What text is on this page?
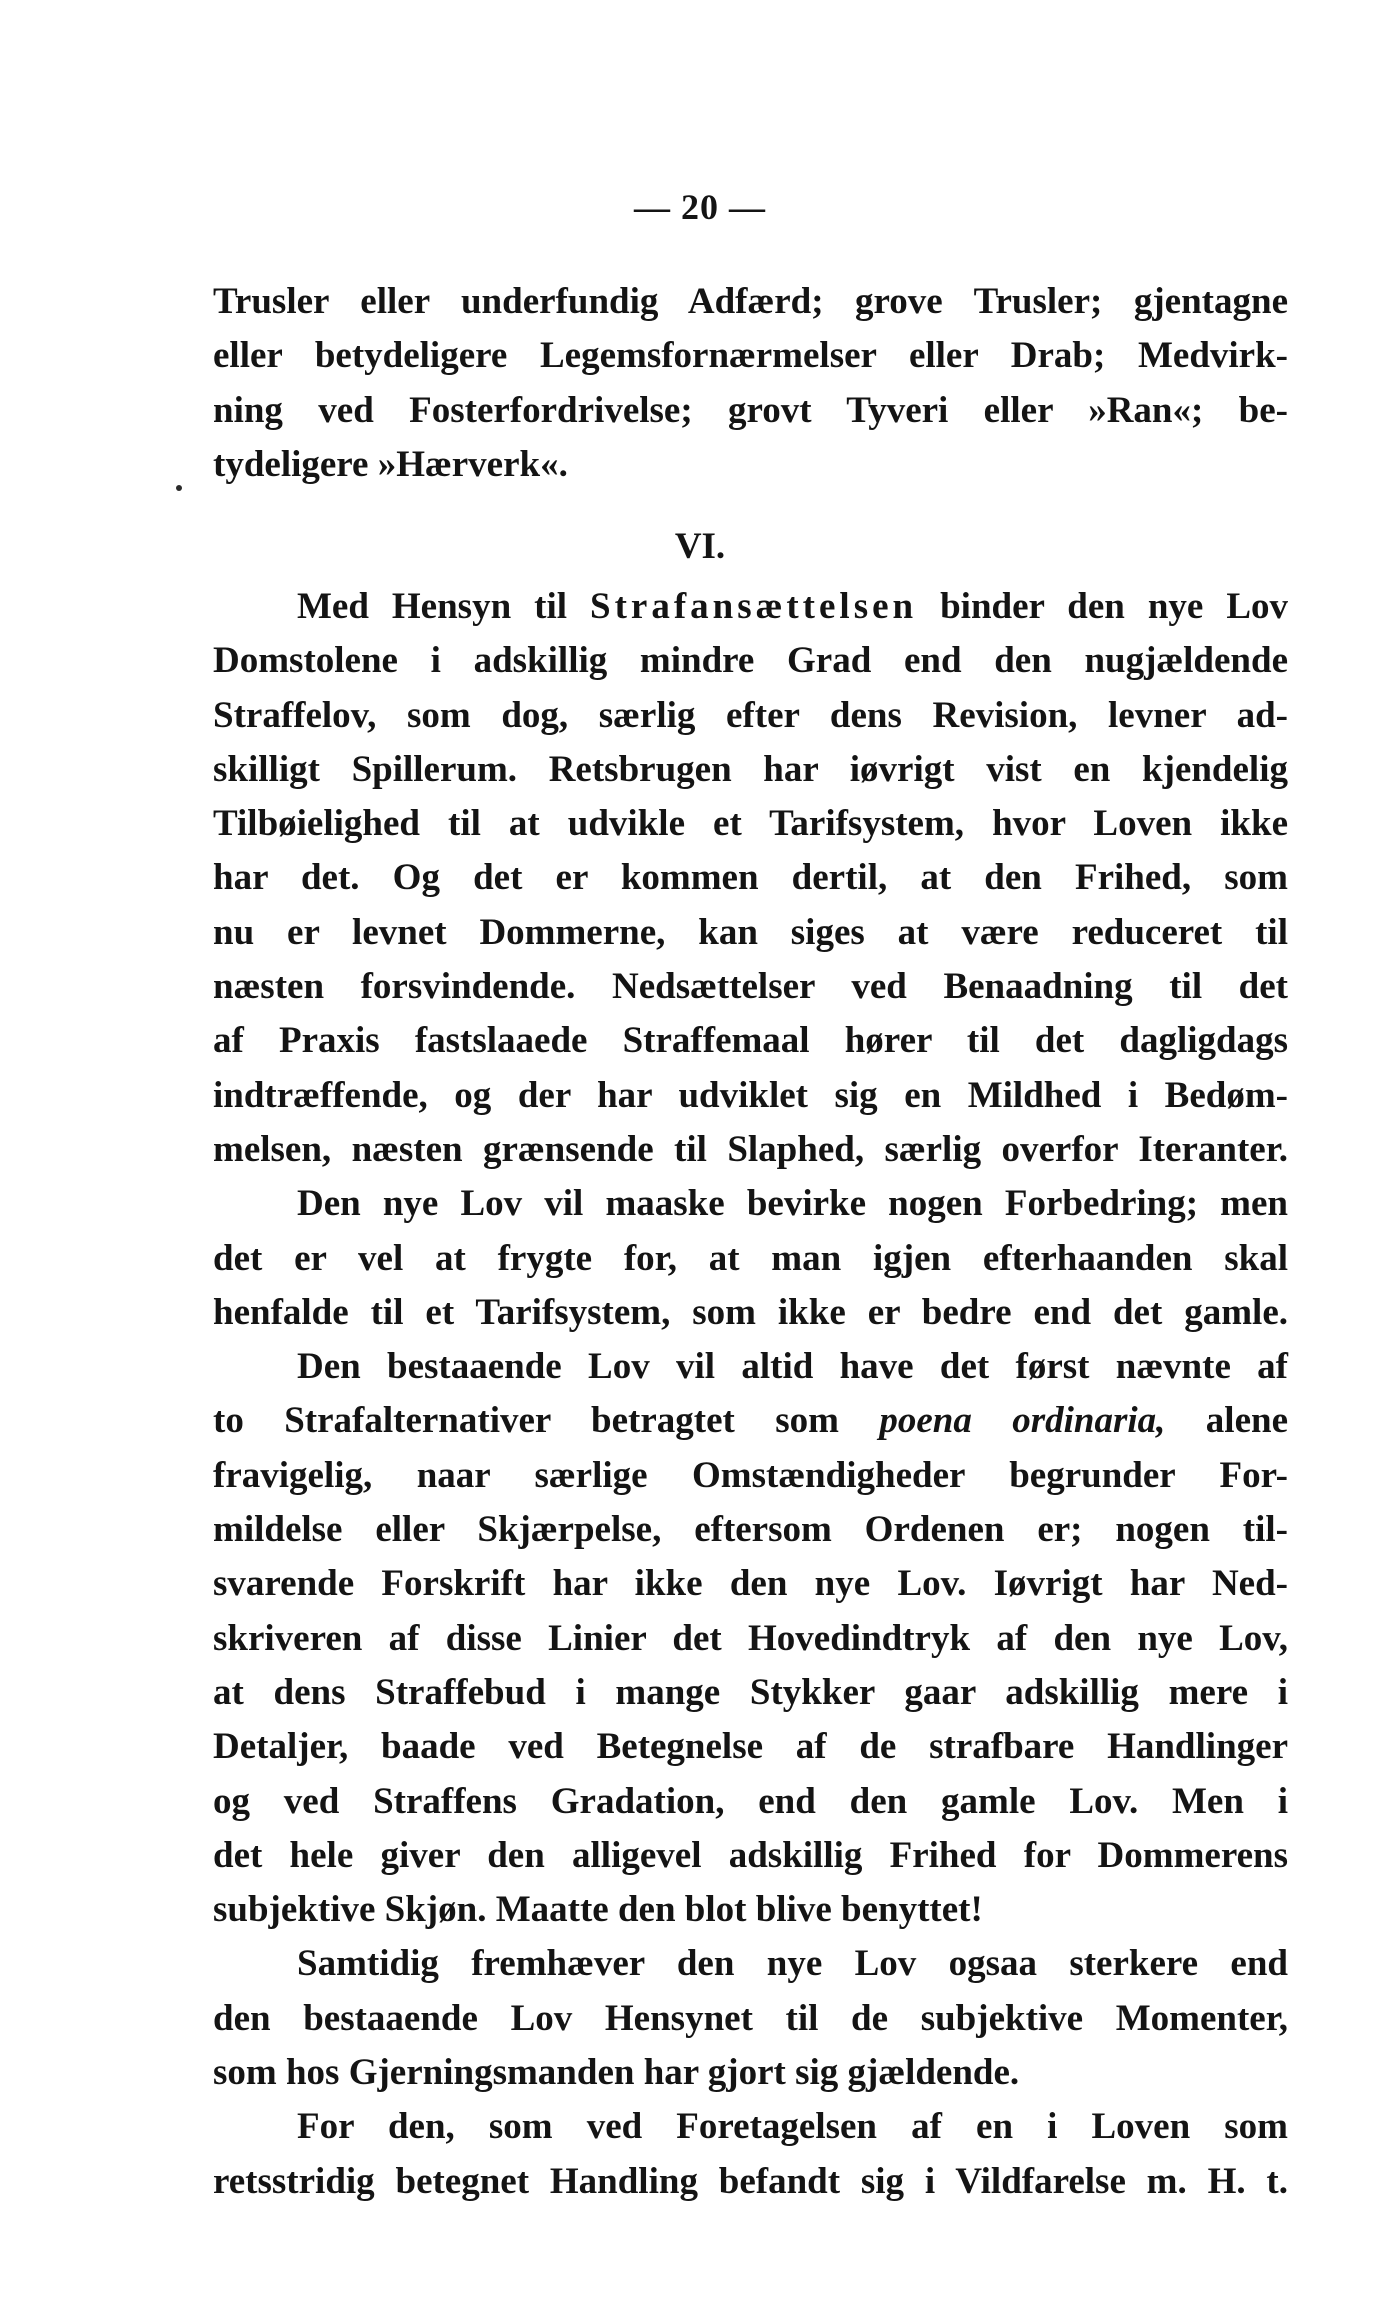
— 20 —
Trusler eller underfundig Adfærd; grove Trusler; gjentagne
eller betydeligere Legemsfornærmelser eller Drab; Medvirk-
ning ved Fosterfordrivelse; grovt Tyveri eller »Ran«; be-
tydeligere »Hærverk«.
VI.
Med Hensyn til Strafansættelsen binder den nye Lov
Domstolene i adskillig mindre Grad end den nugjældende
Straffelov, som dog, særlig efter dens Revision, levner ad-
skilligt Spillerum. Retsbrugen har iøvrigt vist en kjendelig
Tilbøielighed til at udvikle et Tarifsystem, hvor Loven ikke
har det. Og det er kommen dertil, at den Frihed, som
nu er levnet Dommerne, kan siges at være reduceret til
næsten forsvindende. Nedsættelser ved Benaadning til det
af Praxis fastslaaede Straffemaal hører til det dagligdags
indtræffende, og der har udviklet sig en Mildhed i Bedøm-
melsen, næsten grænsende til Slaphed, særlig overfor Iteranter.
Den nye Lov vil maaske bevirke nogen Forbedring; men
det er vel at frygte for, at man igjen efterhaanden skal
henfalde til et Tarifsystem, som ikke er bedre end det gamle.
Den bestaaende Lov vil altid have det først nævnte af
to Strafalternativer betragtet som poena ordinaria, alene
fravigelig, naar særlige Omstændigheder begrunder For-
mildelse eller Skjærpelse, eftersom Ordenen er; nogen til-
svarende Forskrift har ikke den nye Lov. Iøvrigt har Ned-
skriveren af disse Linier det Hovedindtryk af den nye Lov,
at dens Straffebud i mange Stykker gaar adskillig mere i
Detaljer, baade ved Betegnelse af de strafbare Handlinger
og ved Straffens Gradation, end den gamle Lov. Men i
det hele giver den alligevel adskillig Frihed for Dommerens
subjektive Skjøn. Maatte den blot blive benyttet!
Samtidig fremhæver den nye Lov ogsaa sterkere end
den bestaaende Lov Hensynet til de subjektive Momenter,
som hos Gjerningsmanden har gjort sig gjældende.
For den, som ved Foretagelsen af en i Loven som
retsstridig betegnet Handling befandt sig i Vildfarelse m. H. t.
